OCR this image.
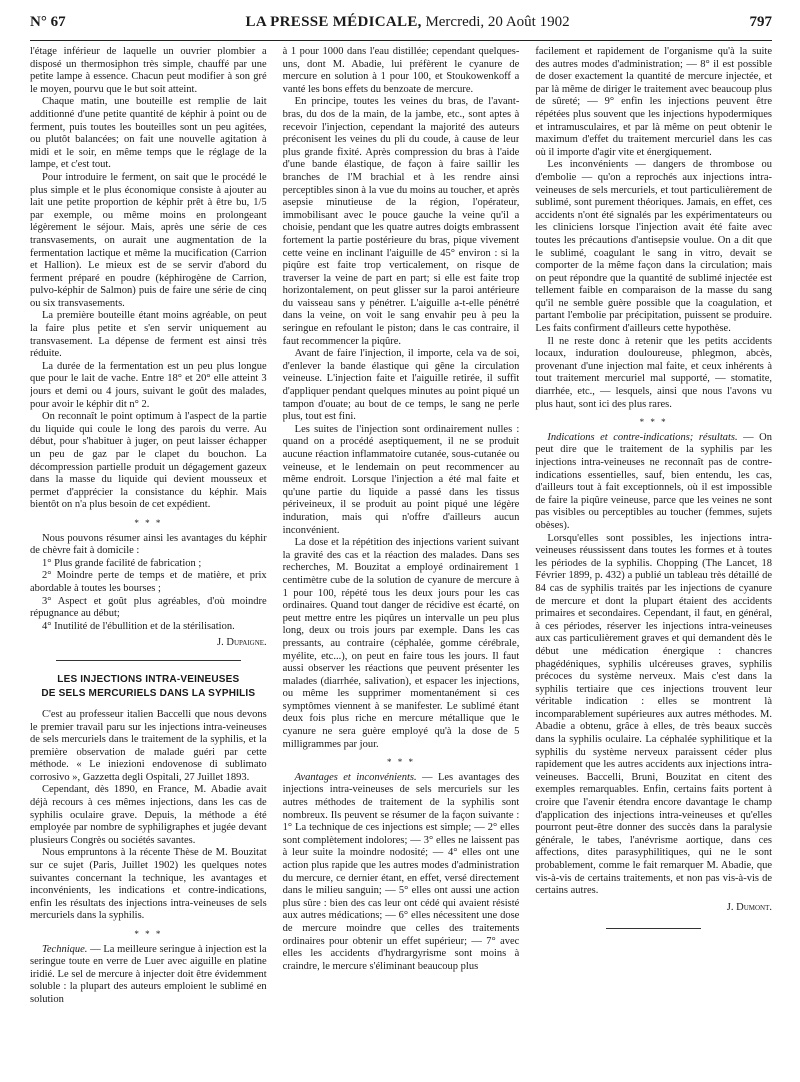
N° 67	LA PRESSE MÉDICALE, Mercredi, 20 Août 1902	797

l'étage inférieur de laquelle un ouvrier plombier a disposé un thermosiphon très simple, chauffé par une petite lampe à essence. Chacun peut modifier à son gré le moyen, pourvu que le but soit atteint.

Chaque matin, une bouteille est remplie de lait additionné d'une petite quantité de képhir à point ou de ferment, puis toutes les bouteilles sont un peu agitées, ou plutôt balancées; on fait une nouvelle agitation à midi et le soir, en même temps que le réglage de la lampe, et c'est tout.

Pour introduire le ferment, on sait que le procédé le plus simple et le plus économique consiste à ajouter au lait une petite proportion de képhir prêt à être bu, 1/5 par exemple, ou même moins en prolongeant légèrement le séjour. Mais, après une série de ces transvasements, on aurait une augmentation de la fermentation lactique et même la mucification (Carrion et Hallion). Le mieux est de se servir d'abord du ferment préparé en poudre (képhirogène de Carrion, pulvo-képhir de Salmon) puis de faire une série de cinq ou six transvasements.

La première bouteille étant moins agréable, on peut la faire plus petite et s'en servir uniquement au transvasement. La dépense de ferment est ainsi très réduite.

La durée de la fermentation est un peu plus longue que pour le lait de vache. Entre 18° et 20° elle atteint 3 jours et demi ou 4 jours, suivant le goût des malades, pour avoir le képhir dit n° 2.

On reconnaît le point optimum à l'aspect de la partie du liquide qui coule le long des parois du verre. Au début, pour s'habituer à juger, on peut laisser échapper un peu de gaz par le clapet du bouchon. La décompression partielle produit un dégagement gazeux dans la masse du liquide qui devient mousseux et permet d'apprécier la consistance du képhir. Mais bientôt on n'a plus besoin de cet expédient.

* * *

Nous pouvons résumer ainsi les avantages du képhir de chèvre fait à domicile :

1° Plus grande facilité de fabrication ;

2° Moindre perte de temps et de matière, et prix abordable à toutes les bourses ;

3° Aspect et goût plus agréables, d'où moindre répugnance au début;

4° Inutilité de l'ébullition et de la stérilisation.

J. Dupaigne.

LES INJECTIONS INTRA-VEINEUSES
DE SELS MERCURIELS DANS LA SYPHILIS

C'est au professeur italien Baccelli que nous devons le premier travail paru sur les injections intra-veineuses de sels mercuriels dans le traitement de la syphilis, et la première observation de malade guéri par cette méthode. « Le iniezioni endovenose di sublimato corrosivo », Gazzetta degli Ospitali, 27 Juillet 1893.

Cependant, dès 1890, en France, M. Abadie avait déjà recours à ces mêmes injections, dans les cas de syphilis oculaire grave. Depuis, la méthode a été employée par nombre de syphiligraphes et jugée devant plusieurs Congrès ou sociétés savantes.

Nous empruntons à la récente Thèse de M. Bouzitat sur ce sujet (Paris, Juillet 1902) les quelques notes suivantes concernant la technique, les avantages et inconvénients, les indications et contre-indications, enfin les résultats des injections intra-veineuses de sels mercuriels dans la syphilis.

* * *

Technique. — La meilleure seringue à injection est la seringue toute en verre de Luer avec aiguille en platine iridié. Le sel de mercure à injecter doit être évidemment soluble : la plupart des auteurs emploient le sublimé en solution

à 1 pour 1000 dans l'eau distillée; cependant quelques-uns, dont M. Abadie, lui préfèrent le cyanure de mercure en solution à 1 pour 100, et Stoukowenkoff a vanté les bons effets du benzoate de mercure.

En principe, toutes les veines du bras, de l'avant-bras, du dos de la main, de la jambe, etc., sont aptes à recevoir l'injection, cependant la majorité des auteurs préconisent les veines du pli du coude, à cause de leur plus grande fixité. Après compression du bras à l'aide d'une bande élastique, de façon à faire saillir les branches de l'M brachial et à les rendre ainsi perceptibles sinon à la vue du moins au toucher, et après asepsie minutieuse de la région, l'opérateur, immobilisant avec le pouce gauche la veine qu'il a choisie, pendant que les quatre autres doigts embrassent fortement la partie postérieure du bras, pique vivement cette veine en inclinant l'aiguille de 45° environ : si la piqûre est faite trop verticalement, on risque de traverser la veine de part en part; si elle est faite trop horizontalement, on peut glisser sur la paroi antérieure du vaisseau sans y pénétrer. L'aiguille a-t-elle pénétré dans la veine, on voit le sang envahir peu à peu la seringue en refoulant le piston; dans le cas contraire, il faut recommencer la piqûre.

Avant de faire l'injection, il importe, cela va de soi, d'enlever la bande élastique qui gêne la circulation veineuse. L'injection faite et l'aiguille retirée, il suffit d'appliquer pendant quelques minutes au point piqué un tampon d'ouate; au bout de ce temps, le sang ne perle plus, tout est fini.

Les suites de l'injection sont ordinairement nulles : quand on a procédé aseptiquement, il ne se produit aucune réaction inflammatoire cutanée, sous-cutanée ou veineuse, et le lendemain on peut recommencer au même endroit. Lorsque l'injection a été mal faite et qu'une partie du liquide a passé dans les tissus périveineux, il se produit au point piqué une légère induration, mais qui n'offre d'ailleurs aucun inconvénient.

La dose et la répétition des injections varient suivant la gravité des cas et la réaction des malades. Dans ses recherches, M. Bouzitat a employé ordinairement 1 centimètre cube de la solution de cyanure de mercure à 1 pour 100, répété tous les deux jours pour les cas ordinaires. Quand tout danger de récidive est écarté, on peut mettre entre les piqûres un intervalle un peu plus long, deux ou trois jours par exemple. Dans les cas pressants, au contraire (céphalée, gomme cérébrale, myélite, etc...), on peut en faire tous les jours. Il faut aussi observer les réactions que peuvent présenter les malades (diarrhée, salivation), et espacer les injections, ou même les supprimer momentanément si ces symptômes viennent à se manifester. Le sublimé étant deux fois plus riche en mercure métallique que le cyanure ne sera guère employé qu'à la dose de 5 milligrammes par jour.

* * *

Avantages et inconvénients. — Les avantages des injections intra-veineuses de sels mercuriels sur les autres méthodes de traitement de la syphilis sont nombreux. Ils peuvent se résumer de la façon suivante : 1° La technique de ces injections est simple; — 2° elles sont complètement indolores; — 3° elles ne laissent pas à leur suite la moindre nodosité; — 4° elles ont une action plus rapide que les autres modes d'administration du mercure, ce dernier étant, en effet, versé directement dans le milieu sanguin; — 5° elles ont aussi une action plus sûre : bien des cas leur ont cédé qui avaient résisté aux autres médications; — 6° elles nécessitent une dose de mercure moindre que celles des traitements ordinaires pour obtenir un effet supérieur; — 7° avec elles les accidents d'hydrargyrisme sont moins à craindre, le mercure s'éliminant beaucoup plus

facilement et rapidement de l'organisme qu'à la suite des autres modes d'administration; — 8° il est possible de doser exactement la quantité de mercure injectée, et par là même de diriger le traitement avec beaucoup plus de sûreté; — 9° enfin les injections peuvent être répétées plus souvent que les injections hypodermiques et intramusculaires, et par là même on peut obtenir le maximum d'effet du traitement mercuriel dans les cas où il importe d'agir vite et énergiquement.

Les inconvénients — dangers de thrombose ou d'embolie — qu'on a reprochés aux injections intra-veineuses de sels mercuriels, et tout particulièrement de sublimé, sont purement théoriques. Jamais, en effet, ces accidents n'ont été signalés par les expérimentateurs ou les cliniciens lorsque l'injection avait été faite avec toutes les précautions d'antisepsie voulue. On a dit que le sublimé, coagulant le sang in vitro, devait se comporter de la même façon dans la circulation; mais on peut répondre que la quantité de sublimé injectée est tellement faible en comparaison de la masse du sang qu'il ne semble guère possible que la coagulation, et partant l'embolie par précipitation, puissent se produire. Les faits confirment d'ailleurs cette hypothèse.

Il ne reste donc à retenir que les petits accidents locaux, induration douloureuse, phlegmon, abcès, provenant d'une injection mal faite, et ceux inhérents à tout traitement mercuriel mal supporté, — stomatite, diarrhée, etc., — lesquels, ainsi que nous l'avons vu plus haut, sont ici des plus rares.

* * *

Indications et contre-indications; résultats. — On peut dire que le traitement de la syphilis par les injections intra-veineuses ne reconnaît pas de contre-indications essentielles, sauf, bien entendu, les cas, d'ailleurs tout à fait exceptionnels, où il est impossible de faire la piqûre veineuse, parce que les veines ne sont pas visibles ou perceptibles au toucher (femmes, sujets obèses).

Lorsqu'elles sont possibles, les injections intra-veineuses réussissent dans toutes les formes et à toutes les périodes de la syphilis. Chopping (The Lancet, 18 Février 1899, p. 432) a publié un tableau très détaillé de 84 cas de syphilis traités par les injections de cyanure de mercure et dont la plupart étaient des accidents primaires et secondaires. Cependant, il faut, en général, à ces périodes, réserver les injections intra-veineuses aux cas particulièrement graves et qui demandent dès le début une médication énergique : chancres phagédéniques, syphilis ulcéreuses graves, syphilis précoces du système nerveux. Mais c'est dans la syphilis tertiaire que ces injections trouvent leur véritable indication : elles se montrent là incomparablement supérieures aux autres méthodes. M. Abadie a obtenu, grâce à elles, de très beaux succès dans la syphilis oculaire. La céphalée syphilitique et la syphilis du système nerveux paraissent céder plus rapidement que les autres accidents aux injections intra-veineuses. Baccelli, Bruni, Bouzitat en citent des exemples remarquables. Enfin, certains faits portent à croire que l'avenir étendra encore davantage le champ d'application des injections intra-veineuses et qu'elles pourront peut-être donner des succès dans la paralysie générale, le tabes, l'anévrisme aortique, dans ces affections, dites parasyphilitiques, qui ne le sont probablement, comme le fait remarquer M. Abadie, que vis-à-vis de certains traitements, et non pas vis-à-vis de certains autres.

J. Dumont.
